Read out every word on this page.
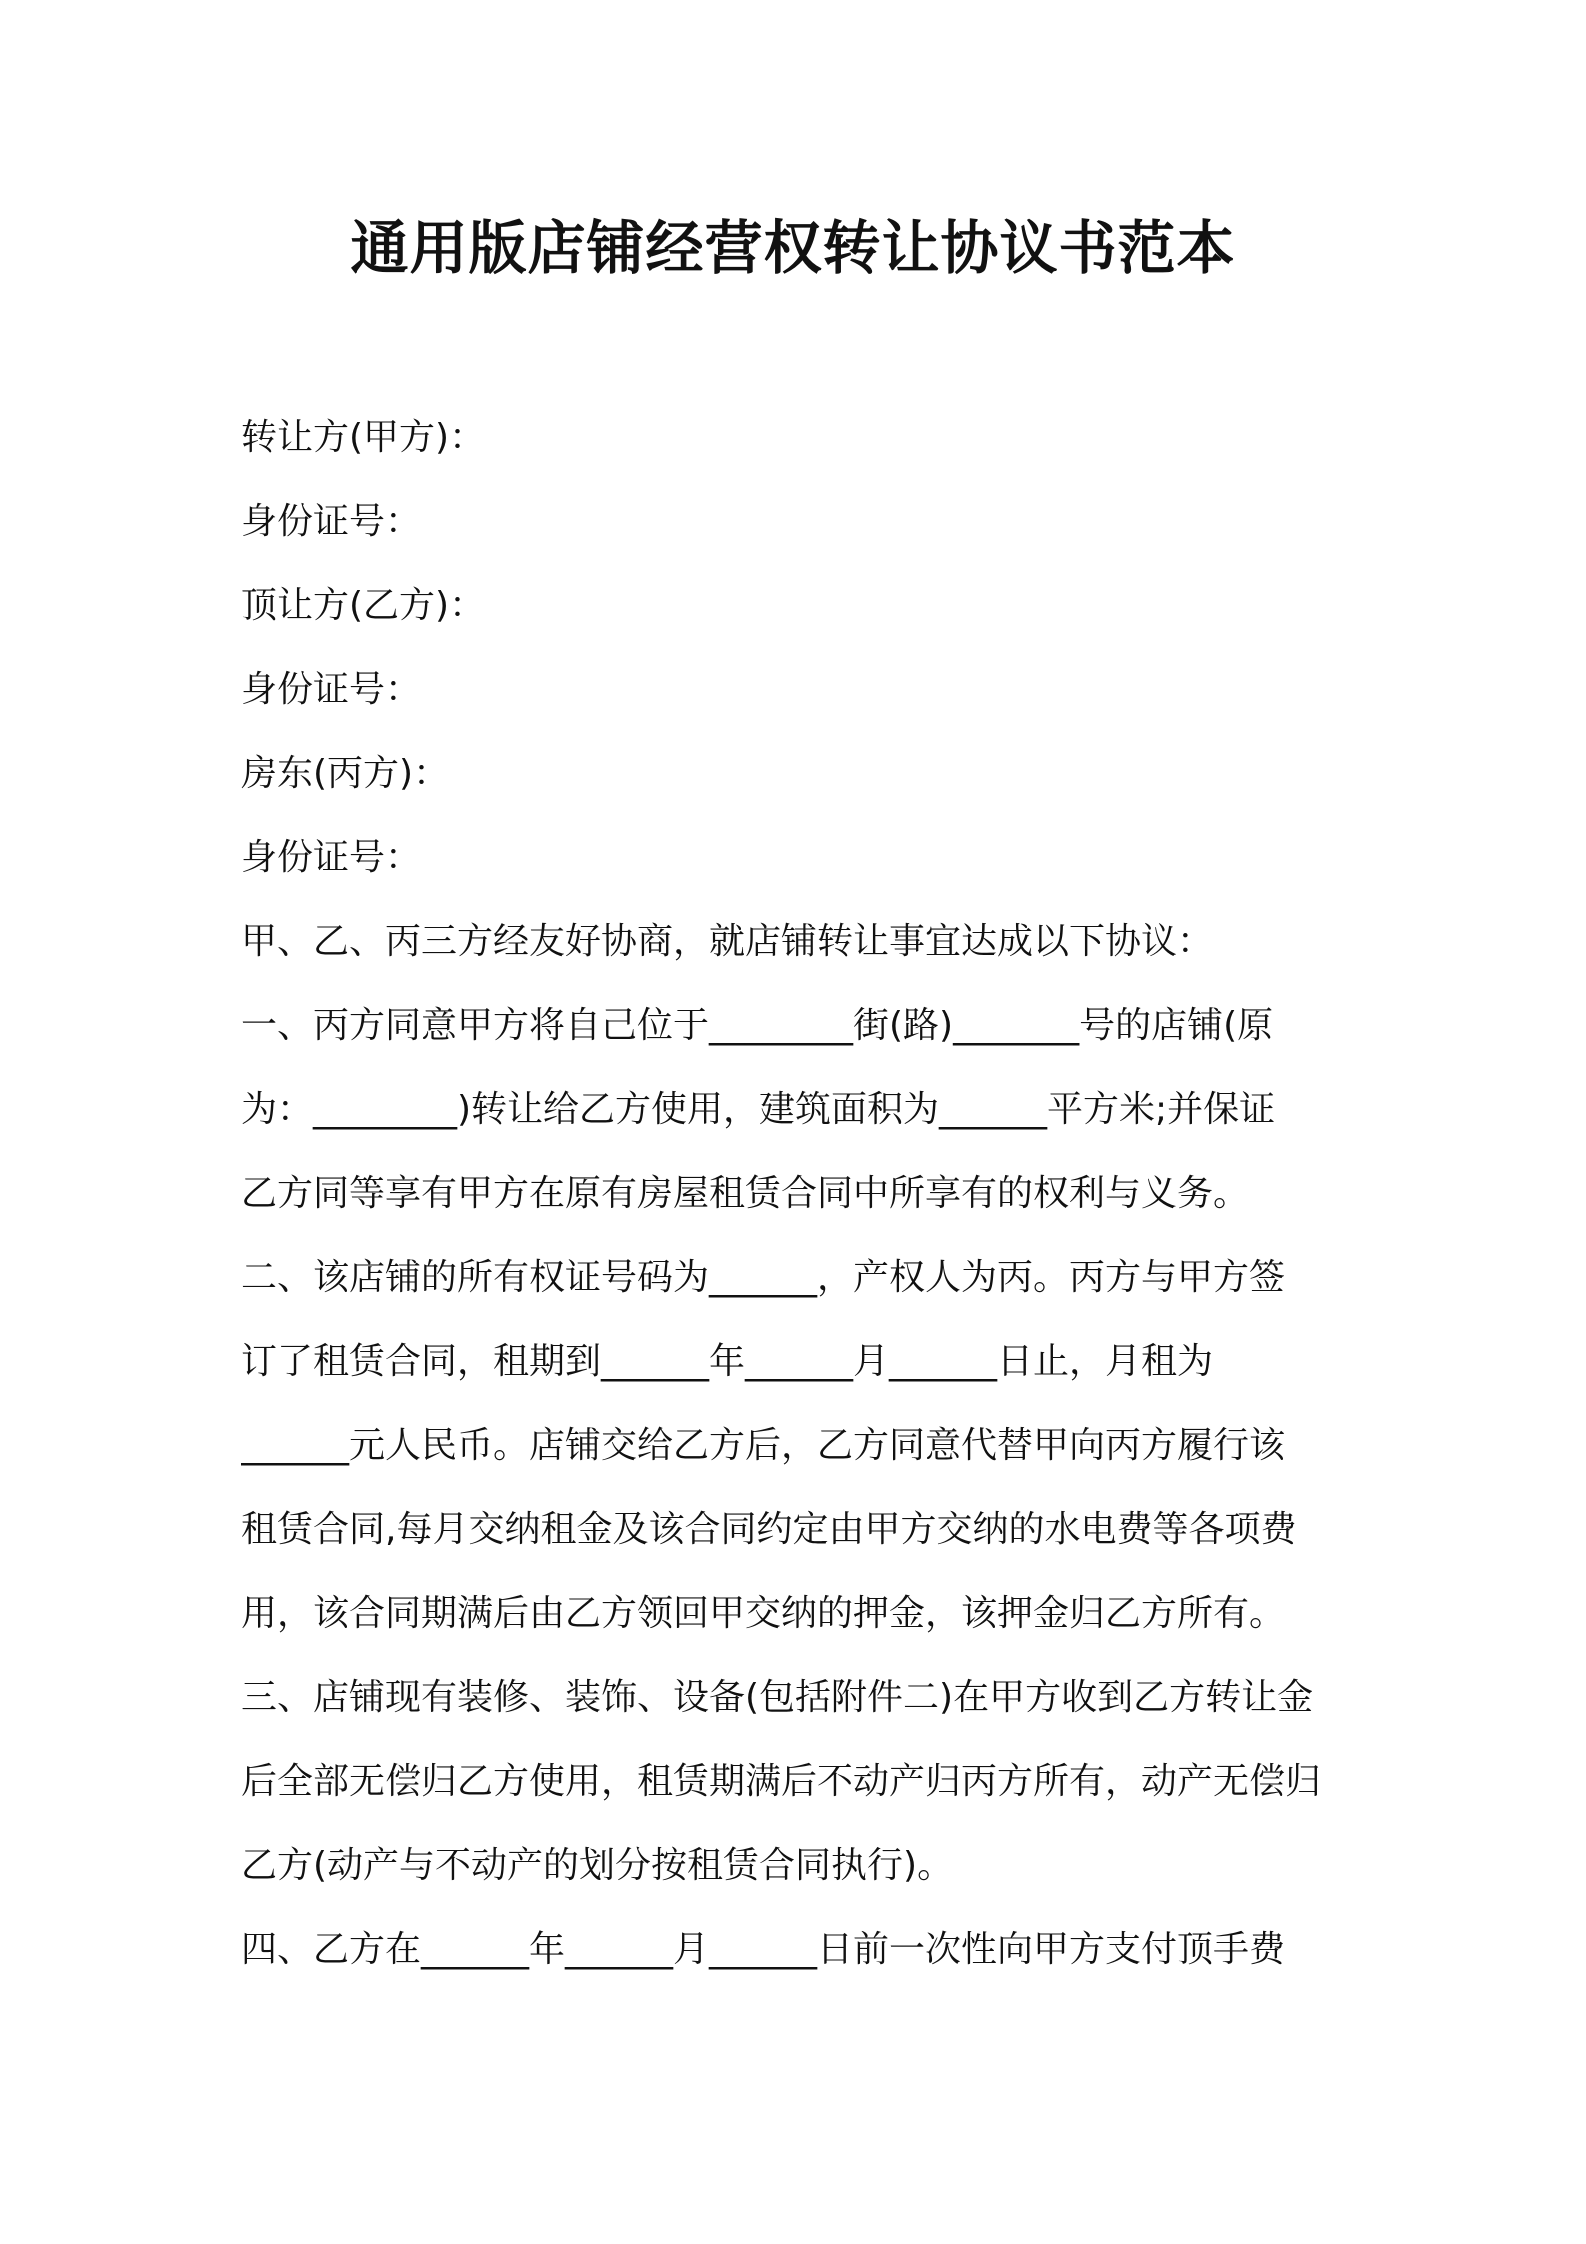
通用版店铺经营权转让协议书范本
转让方(甲方)：
身份证号：
顶让方(乙方)：
身份证号：
房东(丙方)：
身份证号：
甲、乙、丙三方经友好协商，就店铺转让事宜达成以下协议：
一、丙方同意甲方将自己位于________街(路)_______号的店铺(原
为：________)转让给乙方使用，建筑面积为______平方米;并保证
乙方同等享有甲方在原有房屋租赁合同中所享有的权利与义务。
二、该店铺的所有权证号码为______，产权人为丙。丙方与甲方签
订了租赁合同，租期到______年______月______日止，月租为
______元人民币。店铺交给乙方后，乙方同意代替甲向丙方履行该
租赁合同,每月交纳租金及该合同约定由甲方交纳的水电费等各项费
用，该合同期满后由乙方领回甲交纳的押金，该押金归乙方所有。
三、店铺现有装修、装饰、设备(包括附件二)在甲方收到乙方转让金
后全部无偿归乙方使用，租赁期满后不动产归丙方所有，动产无偿归
乙方(动产与不动产的划分按租赁合同执行)。
四、乙方在______年______月______日前一次性向甲方支付顶手费
